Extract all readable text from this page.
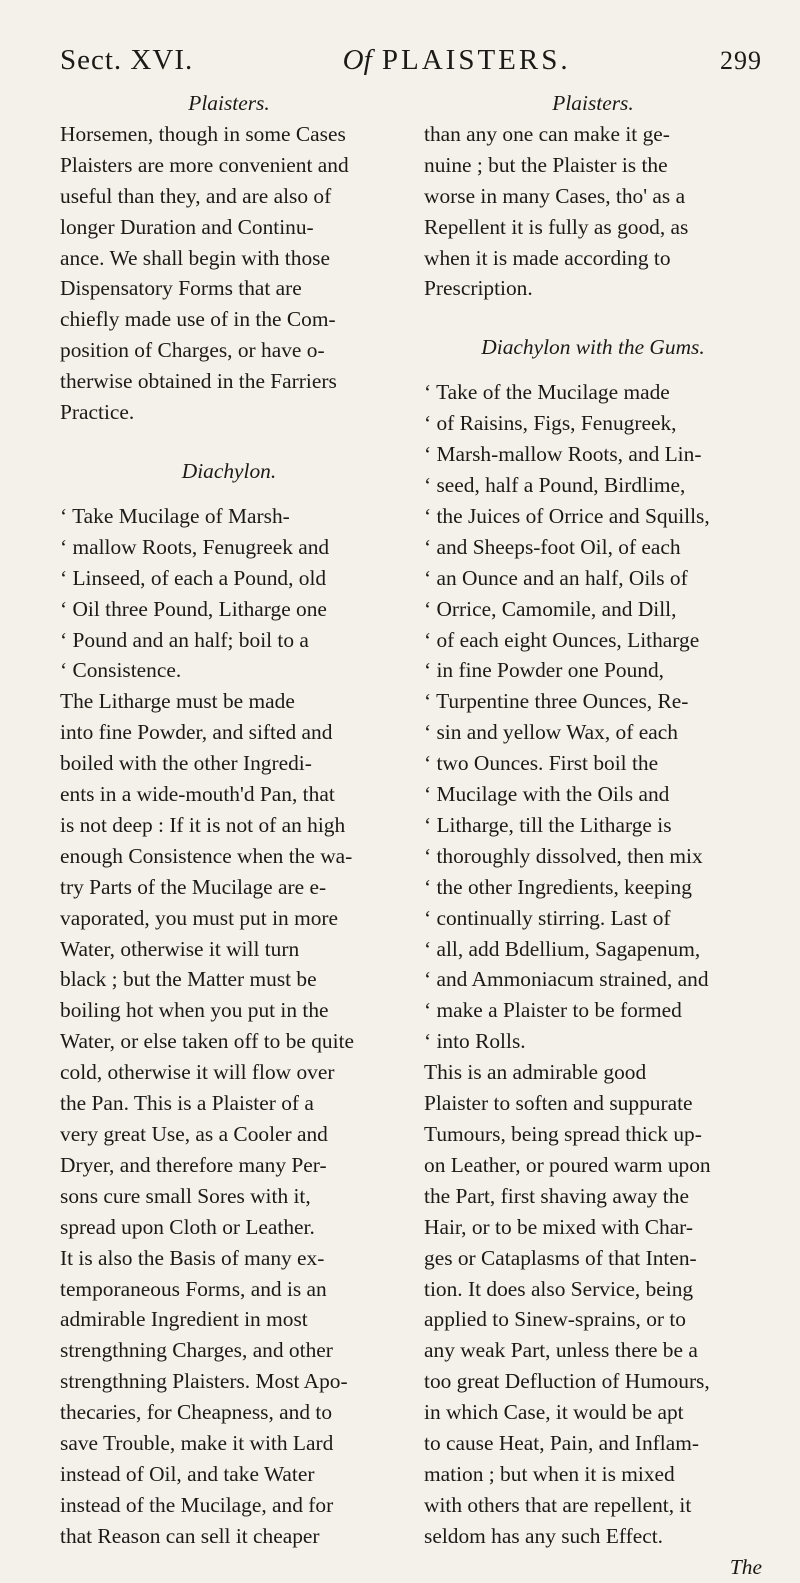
Sect. XVI.	Of PLAISTERS.	299
Plaisters.
Horsemen, though in some Cases
Plaisters are more convenient and
useful than they, and are also of
longer Duration and Continu-
ance. We shall begin with those
Dispensatory Forms that are
chiefly made use of in the Com-
position of Charges, or have o-
therwise obtained in the Farriers
Practice.
Diachylon.
‘ Take Mucilage of Marsh-
‘ mallow Roots, Fenugreek and
‘ Linseed, of each a Pound, old
‘ Oil three Pound, Litharge one
‘ Pound and an half; boil to a
‘ Consistence.
The Litharge must be made
into fine Powder, and sifted and
boiled with the other Ingredi-
ents in a wide-mouth'd Pan, that
is not deep : If it is not of an high
enough Consistence when the wa-
try Parts of the Mucilage are e-
vaporated, you must put in more
Water, otherwise it will turn
black ; but the Matter must be
boiling hot when you put in the
Water, or else taken off to be quite
cold, otherwise it will flow over
the Pan. This is a Plaister of a
very great Use, as a Cooler and
Dryer, and therefore many Per-
sons cure small Sores with it,
spread upon Cloth or Leather.
It is also the Basis of many ex-
temporaneous Forms, and is an
admirable Ingredient in most
strengthning Charges, and other
strengthning Plaisters. Most Apo-
thecaries, for Cheapness, and to
save Trouble, make it with Lard
instead of Oil, and take Water
instead of the Mucilage, and for
that Reason can sell it cheaper
Plaisters.
than any one can make it ge-
nuine ; but the Plaister is the
worse in many Cases, tho' as a
Repellent it is fully as good, as
when it is made according to
Prescription.
Diachylon with the Gums.
‘ Take of the Mucilage made
‘ of Raisins, Figs, Fenugreek,
‘ Marsh-mallow Roots, and Lin-
‘ seed, half a Pound, Birdlime,
‘ the Juices of Orrice and Squills,
‘ and Sheeps-foot Oil, of each
‘ an Ounce and an half, Oils of
‘ Orrice, Camomile, and Dill,
‘ of each eight Ounces, Litharge
‘ in fine Powder one Pound,
‘ Turpentine three Ounces, Re-
‘ sin and yellow Wax, of each
‘ two Ounces. First boil the
‘ Mucilage with the Oils and
‘ Litharge, till the Litharge is
‘ thoroughly dissolved, then mix
‘ the other Ingredients, keeping
‘ continually stirring. Last of
‘ all, add Bdellium, Sagapenum,
‘ and Ammoniacum strained, and
‘ make a Plaister to be formed
‘ into Rolls.
This is an admirable good
Plaister to soften and suppurate
Tumours, being spread thick up-
on Leather, or poured warm upon
the Part, first shaving away the
Hair, or to be mixed with Char-
ges or Cataplasms of that Inten-
tion. It does also Service, being
applied to Sinew-sprains, or to
any weak Part, unless there be a
too great Defluction of Humours,
in which Case, it would be apt
to cause Heat, Pain, and Inflam-
mation ; but when it is mixed
with others that are repellent, it
seldom has any such Effect.
The
